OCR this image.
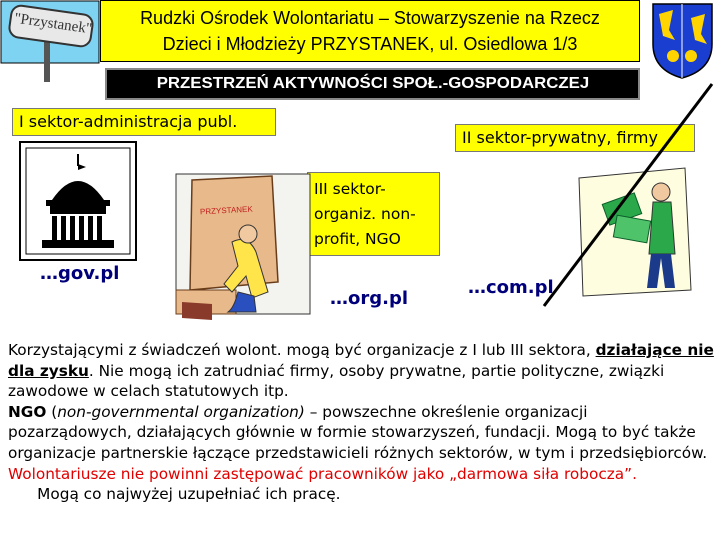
"Przystanek"	Rudzki Ośrodek Wolontariatu – Stowarzyszenie na Rzecz
Dzieci i Młodzieży PRZYSTANEK, ul. Osiedlowa 1/3
PRZESTRZEŃ AKTYWNOŚCI SPOŁ.-GOSPODARCZEJ
I sektor-administracja publ.
II sektor-prywatny, firmy
III sektor- organiz. non- profit, NGO
PRZYSTANEK
…gov.pl
…org.pl
…com.pl
Korzystającymi z świadczeń wolont. mogą być organizacje z I lub III sektora, działające nie dla zysku. Nie mogą ich zatrudniać firmy, osoby prywatne, partie polityczne, związki zawodowe w celach statutowych itp.
NGO (non-governmental organization) – powszechne określenie organizacji pozarządowych, działających głównie w formie stowarzyszeń, fundacji. Mogą to być także organizacje partnerskie łączące przedstawicieli różnych sektorów, w tym i przedsiębiorców. Wolontariusze nie powinni zastępować pracowników jako „darmowa siła robocza”.      Mogą co najwyżej uzupełniać ich pracę.
